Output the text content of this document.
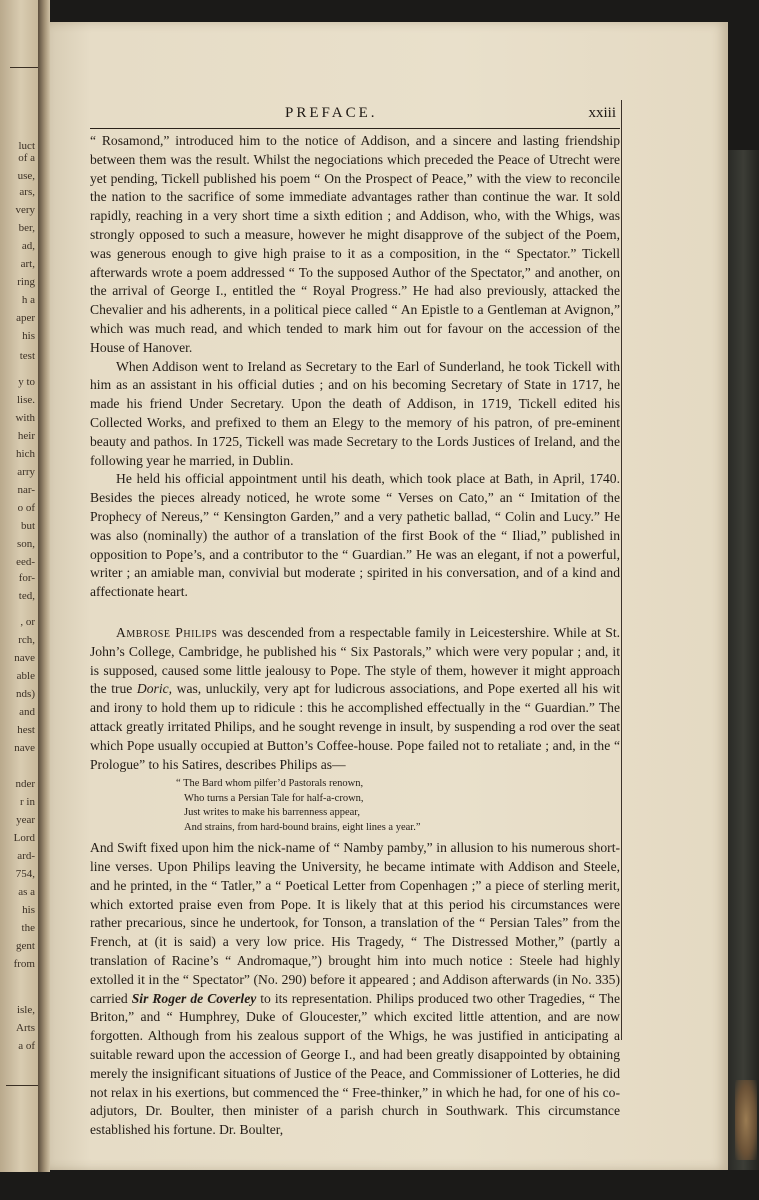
luct
of a
use,
ars,
very
ber,
ad,
art,
ring
h a
aper
his
test
y to
lise.
with
heir
hich
arry
nar-
o of
but
son,
eed-
for-
ted,
, or
rch,
nave
able
nds)
and
hest
nave
nder
r in
year
Lord
ard-
754,
as a
his
the
gent
from
isle,
Arts
a of
PREFACE.	xxiii

“ Rosamond,” introduced him to the notice of Addison, and a sincere and lasting friendship between them was the result. Whilst the negociations which preceded the Peace of Utrecht were yet pending, Tickell published his poem “ On the Prospect of Peace,” with the view to reconcile the nation to the sacrifice of some immediate advantages rather than continue the war. It sold rapidly, reaching in a very short time a sixth edition ; and Addison, who, with the Whigs, was strongly opposed to such a measure, however he might disapprove of the subject of the Poem, was generous enough to give high praise to it as a composition, in the “ Spectator.” Tickell afterwards wrote a poem addressed “ To the supposed Author of the Spectator,” and another, on the arrival of George I., entitled the “ Royal Progress.” He had also previously, attacked the Chevalier and his adherents, in a political piece called “ An Epistle to a Gentleman at Avignon,” which was much read, and which tended to mark him out for favour on the accession of the House of Hanover.

When Addison went to Ireland as Secretary to the Earl of Sunderland, he took Tickell with him as an assistant in his official duties ; and on his becoming Secretary of State in 1717, he made his friend Under Secretary. Upon the death of Addison, in 1719, Tickell edited his Collected Works, and prefixed to them an Elegy to the memory of his patron, of pre-eminent beauty and pathos. In 1725, Tickell was made Secretary to the Lords Justices of Ireland, and the following year he married, in Dublin.

He held his official appointment until his death, which took place at Bath, in April, 1740. Besides the pieces already noticed, he wrote some “ Verses on Cato,” an “ Imitation of the Prophecy of Nereus,” “ Kensington Garden,” and a very pathetic ballad, “ Colin and Lucy.” He was also (nominally) the author of a translation of the first Book of the “ Iliad,” published in opposition to Pope’s, and a contributor to the “ Guardian.” He was an elegant, if not a powerful, writer ; an amiable man, convivial but moderate ; spirited in his conversation, and of a kind and affectionate heart.

Ambrose Philips was descended from a respectable family in Leicestershire. While at St. John’s College, Cambridge, he published his “ Six Pastorals,” which were very popular ; and, it is supposed, caused some little jealousy to Pope. The style of them, however it might approach the true Doric, was, unluckily, very apt for ludicrous associations, and Pope exerted all his wit and irony to hold them up to ridicule : this he accomplished effectually in the “ Guardian.” The attack greatly irritated Philips, and he sought revenge in insult, by suspending a rod over the seat which Pope usually occupied at Button’s Coffee-house. Pope failed not to retaliate ; and, in the “ Prologue” to his Satires, describes Philips as—

“ The Bard whom pilfer’d Pastorals renown,
Who turns a Persian Tale for half-a-crown,
Just writes to make his barrenness appear,
And strains, from hard-bound brains, eight lines a year.”

And Swift fixed upon him the nick-name of “ Namby pamby,” in allusion to his numerous short-line verses. Upon Philips leaving the University, he became intimate with Addison and Steele, and he printed, in the “ Tatler,” a “ Poetical Letter from Copenhagen ;” a piece of sterling merit, which extorted praise even from Pope. It is likely that at this period his circumstances were rather precarious, since he undertook, for Tonson, a translation of the “ Persian Tales” from the French, at (it is said) a very low price. His Tragedy, “ The Distressed Mother,” (partly a translation of Racine’s “ Andromaque,”) brought him into much notice : Steele had highly extolled it in the “ Spectator” (No. 290) before it appeared ; and Addison afterwards (in No. 335) carried Sir Roger de Coverley to its representation. Philips produced two other Tragedies, “ The Briton,” and “ Humphrey, Duke of Gloucester,” which excited little attention, and are now forgotten. Although from his zealous support of the Whigs, he was justified in anticipating a suitable reward upon the accession of George I., and had been greatly disappointed by obtaining merely the insignificant situations of Justice of the Peace, and Commissioner of Lotteries, he did not relax in his exertions, but commenced the “ Free-thinker,” in which he had, for one of his co-adjutors, Dr. Boulter, then minister of a parish church in Southwark. This circumstance established his fortune. Dr. Boulter,
